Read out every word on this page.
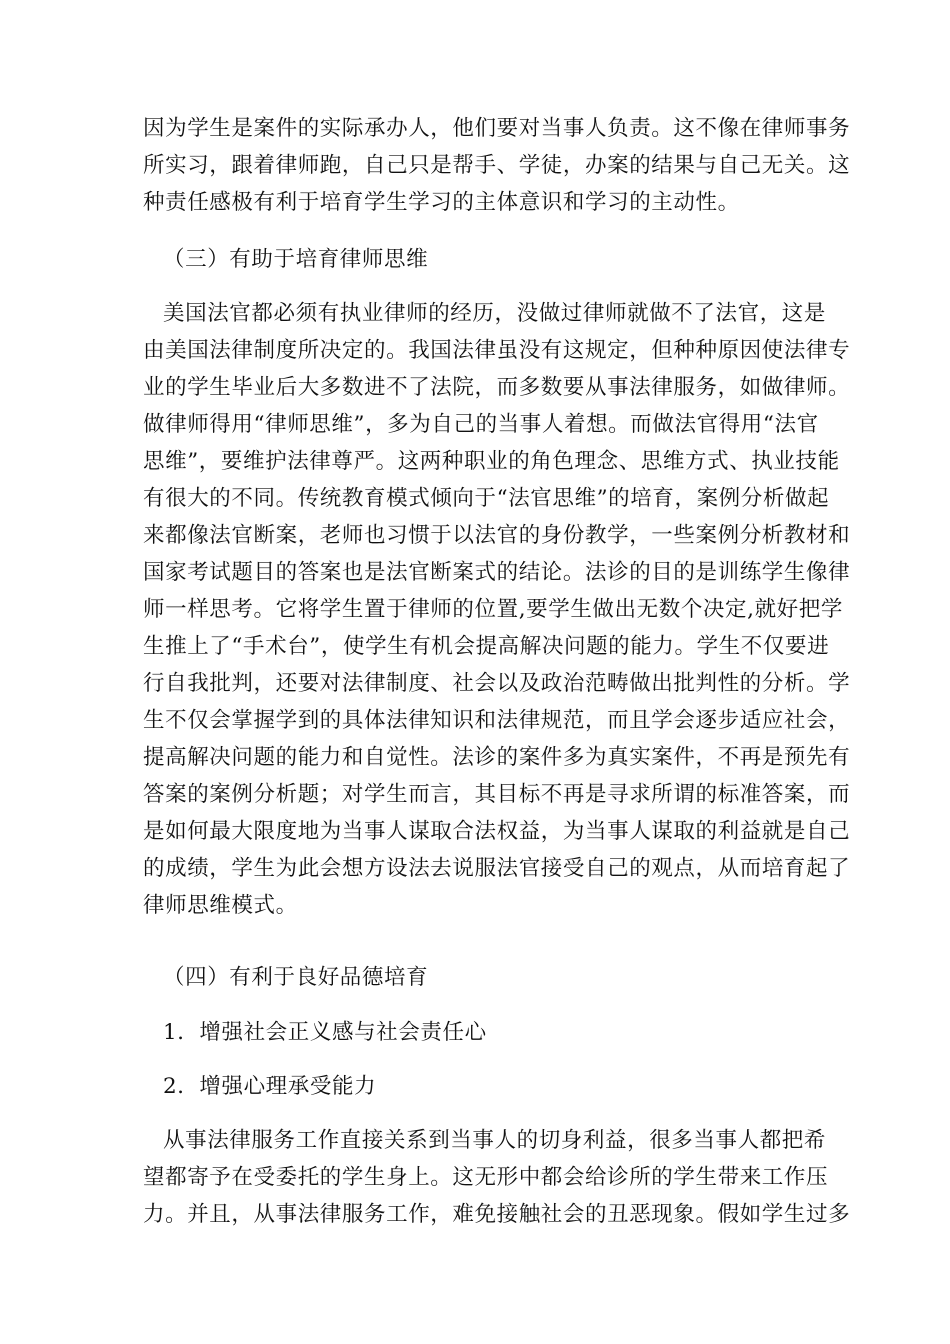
因为学生是案件的实际承办人，他们要对当事人负责。这不像在律师事务
所实习，跟着律师跑，自己只是帮手、学徒，办案的结果与自己无关。这
种责任感极有利于培育学生学习的主体意识和学习的主动性。
（三）有助于培育律师思维
美国法官都必须有执业律师的经历，没做过律师就做不了法官，这是
由美国法律制度所决定的。我国法律虽没有这规定，但种种原因使法律专
业的学生毕业后大多数进不了法院，而多数要从事法律服务，如做律师。
做律师得用“律师思维”，多为自己的当事人着想。而做法官得用“法官
思维”，要维护法律尊严。这两种职业的角色理念、思维方式、执业技能
有很大的不同。传统教育模式倾向于“法官思维”的培育，案例分析做起
来都像法官断案，老师也习惯于以法官的身份教学，一些案例分析教材和
国家考试题目的答案也是法官断案式的结论。法诊的目的是训练学生像律
师一样思考。它将学生置于律师的位置,要学生做出无数个决定,就好把学
生推上了“手术台”，使学生有机会提高解决问题的能力。学生不仅要进
行自我批判，还要对法律制度、社会以及政治范畴做出批判性的分析。学
生不仅会掌握学到的具体法律知识和法律规范，而且学会逐步适应社会，
提高解决问题的能力和自觉性。法诊的案件多为真实案件，不再是预先有
答案的案例分析题；对学生而言，其目标不再是寻求所谓的标准答案，而
是如何最大限度地为当事人谋取合法权益，为当事人谋取的利益就是自己
的成绩，学生为此会想方设法去说服法官接受自己的观点，从而培育起了
律师思维模式。
（四）有利于良好品德培育
1．增强社会正义感与社会责任心
2．增强心理承受能力
从事法律服务工作直接关系到当事人的切身利益，很多当事人都把希
望都寄予在受委托的学生身上。这无形中都会给诊所的学生带来工作压
力。并且，从事法律服务工作，难免接触社会的丑恶现象。假如学生过多
